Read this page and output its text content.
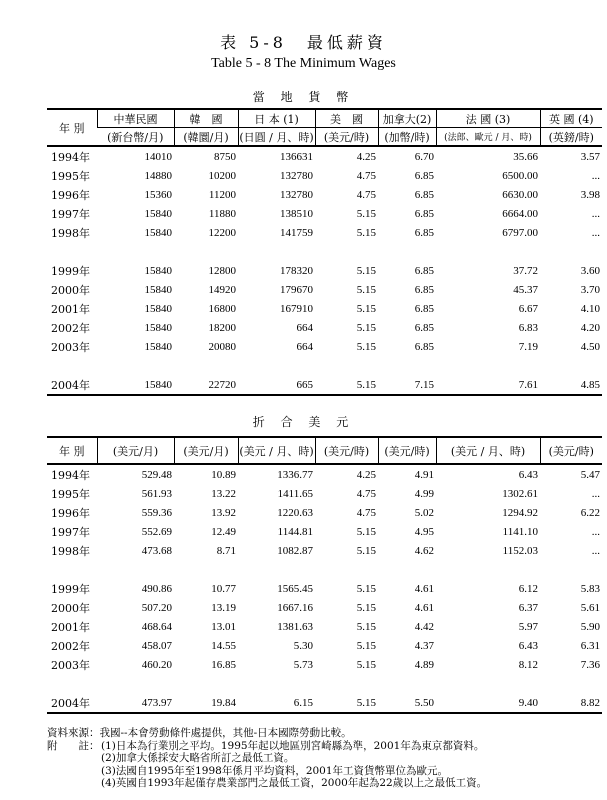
表 5-8　最低薪資
Table 5 - 8 The Minimum Wages
當 地 貨 幣
年 別	中華民國	韓　國	日 本 (1)	美　國	加拿大(2)	法 國 (3)	英 國 (4)
	(新台幣/月)	(韓圜/月)	(日圓 / 月、時)	(美元/時)	(加幣/時)	(法郎、歐元 / 月、時)	(英鎊/時)
1994年	14010	8750	136631	4.25	6.70	35.66	3.57
1995年	14880	10200	132780	4.75	6.85	6500.00	...
1996年	15360	11200	132780	4.75	6.85	6630.00	3.98
1997年	15840	11880	138510	5.15	6.85	6664.00	...
1998年	15840	12200	141759	5.15	6.85	6797.00	...

1999年	15840	12800	178320	5.15	6.85	37.72	3.60
2000年	15840	14920	179670	5.15	6.85	45.37	3.70
2001年	15840	16800	167910	5.15	6.85	6.67	4.10
2002年	15840	18200	664	5.15	6.85	6.83	4.20
2003年	15840	20080	664	5.15	6.85	7.19	4.50

2004年	15840	22720	665	5.15	7.15	7.61	4.85
折 合 美 元
年 別	(美元/月)	(美元/月)	(美元 / 月、時)	(美元/時)	(美元/時)	(美元 / 月、時)	(美元/時)
1994年	529.48	10.89	1336.77	4.25	4.91	6.43	5.47
1995年	561.93	13.22	1411.65	4.75	4.99	1302.61	...
1996年	559.36	13.92	1220.63	4.75	5.02	1294.92	6.22
1997年	552.69	12.49	1144.81	5.15	4.95	1141.10	...
1998年	473.68	8.71	1082.87	5.15	4.62	1152.03	...

1999年	490.86	10.77	1565.45	5.15	4.61	6.12	5.83
2000年	507.20	13.19	1667.16	5.15	4.61	6.37	5.61
2001年	468.64	13.01	1381.63	5.15	4.42	5.97	5.90
2002年	458.07	14.55	5.30	5.15	4.37	6.43	6.31
2003年	460.20	16.85	5.73	5.15	4.89	8.12	7.36

2004年	473.97	19.84	6.15	5.15	5.50	9.40	8.82
資料來源：我國--本會勞動條件處提供，其他-日本國際勞動比較。
附　　註： (1)日本為行業別之平均。1995年起以地區別宮崎縣為準，2001年為東京都資料。
(2)加拿大係採安大略省所訂之最低工資。
(3)法國自1995年至1998年係月平均資料，2001年工資貨幣單位為歐元。
(4)英國自1993年起僅存農業部門之最低工資，2000年起為22歲以上之最低工資。
